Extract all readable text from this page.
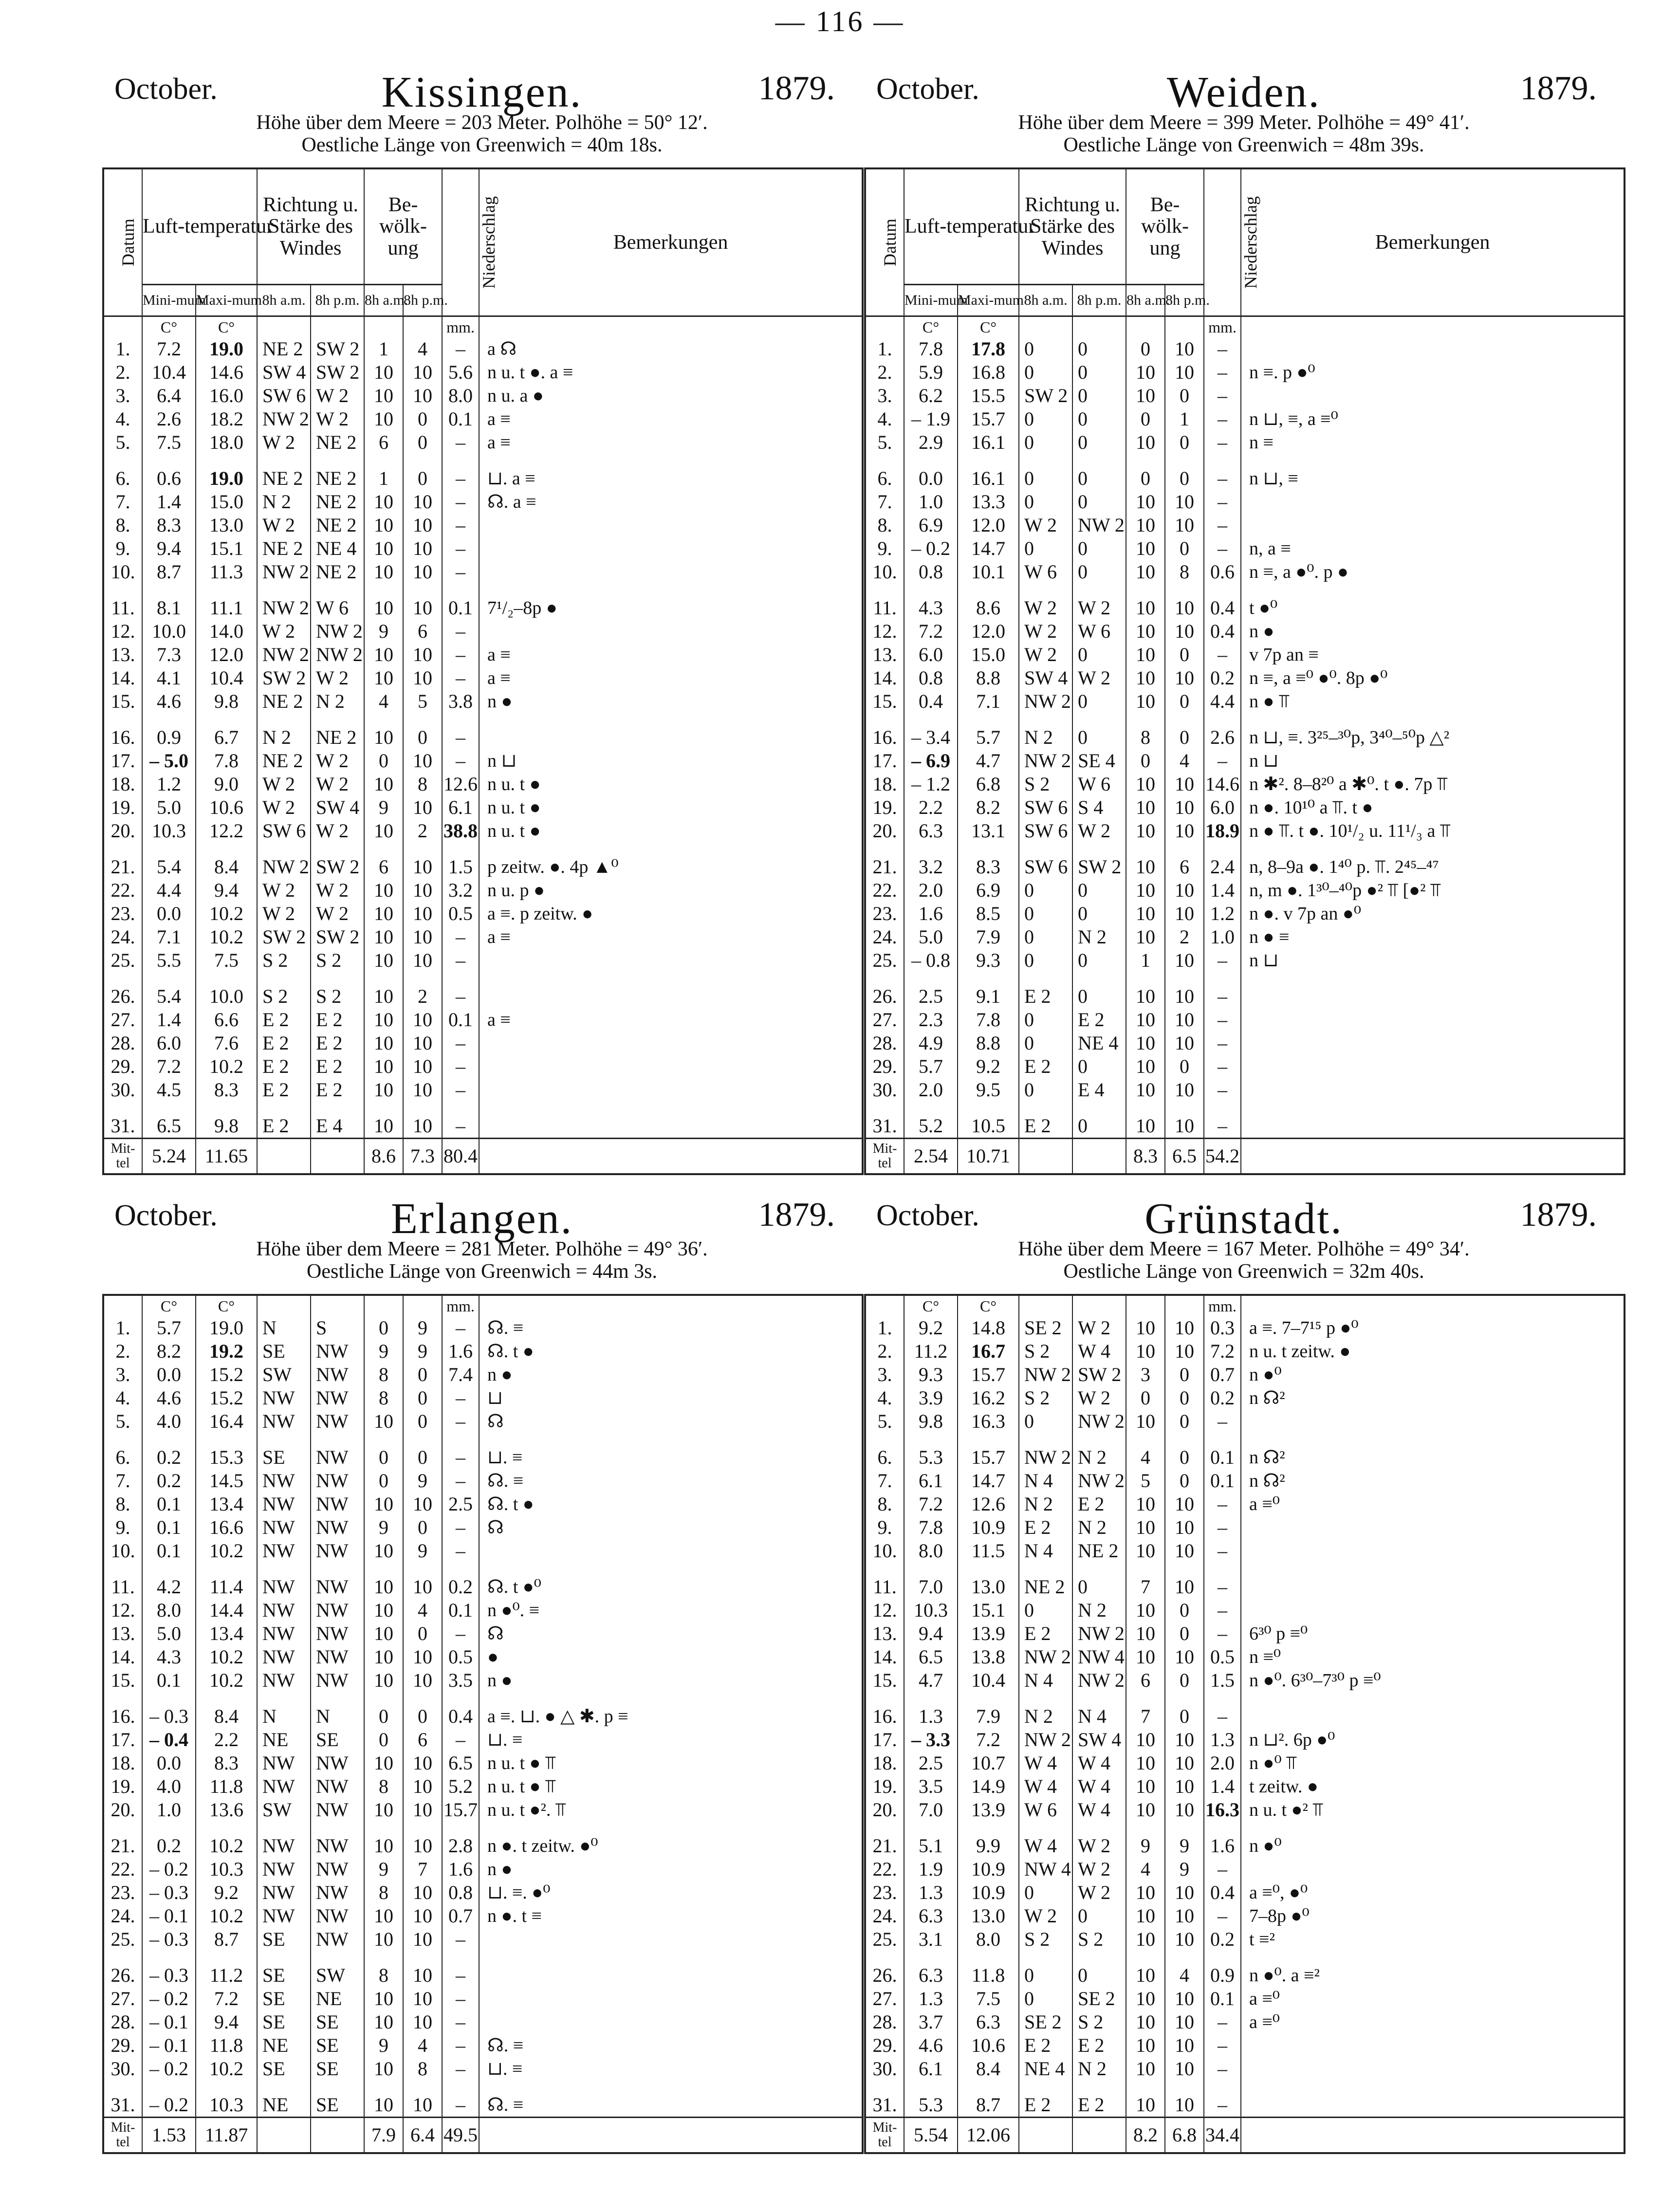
— 116 —
October.	Kissingen.	1879.
Höhe über dem Meere = 203 Meter. Polhöhe = 50° 12′.
Oestliche Länge von Greenwich = 40m 18s.
Datum	Luft-temperatur		Richtung u. Stärke des Windes		Be-wölk-ung		Niederschlag	Bemerkungen
	Mini-mum	Maxi-mum	8h a.m.	8h p.m.	8h a.m.	8h p.m.		
	C°	C°					mm.	
1.	7.2	19.0	NE 2	SW 2	1	4	–	a ☊
2.	10.4	14.6	SW 4	SW 2	10	10	5.6	n u. t ●. a ≡
3.	6.4	16.0	SW 6	W 2	10	10	8.0	n u. a ●
4.	2.6	18.2	NW 2	W 2	10	0	0.1	a ≡
5.	7.5	18.0	W 2	NE 2	6	0	–	a ≡
6.	0.6	19.0	NE 2	NE 2	1	0	–	⊔. a ≡
7.	1.4	15.0	N 2	NE 2	10	10	–	☊. a ≡
8.	8.3	13.0	W 2	NE 2	10	10	–	
9.	9.4	15.1	NE 2	NE 4	10	10	–	
10.	8.7	11.3	NW 2	NE 2	10	10	–	
11.	8.1	11.1	NW 2	W 6	10	10	0.1	7¹/₂–8p ●
12.	10.0	14.0	W 2	NW 2	9	6	–	
13.	7.3	12.0	NW 2	NW 2	10	10	–	a ≡
14.	4.1	10.4	SW 2	W 2	10	10	–	a ≡
15.	4.6	9.8	NE 2	N 2	4	5	3.8	n ●
16.	0.9	6.7	N 2	NE 2	10	0	–	
17.	– 5.0	7.8	NE 2	W 2	0	10	–	n ⊔
18.	1.2	9.0	W 2	W 2	10	8	12.6	n u. t ●
19.	5.0	10.6	W 2	SW 4	9	10	6.1	n u. t ●
20.	10.3	12.2	SW 6	W 2	10	2	38.8	n u. t ●
21.	5.4	8.4	NW 2	SW 2	6	10	1.5	p zeitw. ●. 4p ▲⁰
22.	4.4	9.4	W 2	W 2	10	10	3.2	n u. p ●
23.	0.0	10.2	W 2	W 2	10	10	0.5	a ≡. p zeitw. ●
24.	7.1	10.2	SW 2	SW 2	10	10	–	a ≡
25.	5.5	7.5	S 2	S 2	10	10	–	
26.	5.4	10.0	S 2	S 2	10	2	–	
27.	1.4	6.6	E 2	E 2	10	10	0.1	a ≡
28.	6.0	7.6	E 2	E 2	10	10	–	
29.	7.2	10.2	E 2	E 2	10	10	–	
30.	4.5	8.3	E 2	E 2	10	10	–	
31.	6.5	9.8	E 2	E 4	10	10	–	
Mit-tel	5.24	11.65			8.6	7.3	80.4	
October.	Weiden.	1879.
Höhe über dem Meere = 399 Meter. Polhöhe = 49° 41′.
Oestliche Länge von Greenwich = 48m 39s.
Datum	Luft-temperatur		Richtung u. Stärke des Windes		Be-wölk-ung		Niederschlag	Bemerkungen
	Mini-mum	Maxi-mum	8h a.m.	8h p.m.	8h a.m.	8h p.m.		
	C°	C°					mm.	
1.	7.8	17.8	0	0	0	10	–	
2.	5.9	16.8	0	0	10	10	–	n ≡. p ●⁰
3.	6.2	15.5	SW 2	0	10	0	–	
4.	– 1.9	15.7	0	0	0	1	–	n ⊔, ≡, a ≡⁰
5.	2.9	16.1	0	0	10	0	–	n ≡
6.	0.0	16.1	0	0	0	0	–	n ⊔, ≡
7.	1.0	13.3	0	0	10	10	–	
8.	6.9	12.0	W 2	NW 2	10	10	–	
9.	– 0.2	14.7	0	0	10	0	–	n, a ≡
10.	0.8	10.1	W 6	0	10	8	0.6	n ≡, a ●⁰. p ●
11.	4.3	8.6	W 2	W 2	10	10	0.4	t ●⁰
12.	7.2	12.0	W 2	W 6	10	10	0.4	n ●
13.	6.0	15.0	W 2	0	10	0	–	v 7p an ≡
14.	0.8	8.8	SW 4	W 2	10	10	0.2	n ≡, a ≡⁰ ●⁰. 8p ●⁰
15.	0.4	7.1	NW 2	0	10	0	4.4	n ● ⫪
16.	– 3.4	5.7	N 2	0	8	0	2.6	n ⊔, ≡. 3²⁵–³⁰p, 3⁴⁰–⁵⁰p △²
17.	– 6.9	4.7	NW 2	SE 4	0	4	–	n ⊔
18.	– 1.2	6.8	S 2	W 6	10	10	14.6	n ✱². 8–8²⁰ a ✱⁰. t ●. 7p ⫪
19.	2.2	8.2	SW 6	S 4	10	10	6.0	n ●. 10¹⁰ a ⫪. t ●
20.	6.3	13.1	SW 6	W 2	10	10	18.9	n ● ⫪. t ●. 10¹/₂ u. 11¹/₃ a ⫪
21.	3.2	8.3	SW 6	SW 2	10	6	2.4	n, 8–9a ●. 1⁴⁰ p. ⫪. 2⁴⁵–⁴⁷
22.	2.0	6.9	0	0	10	10	1.4	n, m ●. 1³⁰–⁴⁰p ●² ⫪ [●² ⫪
23.	1.6	8.5	0	0	10	10	1.2	n ●. v 7p an ●⁰
24.	5.0	7.9	0	N 2	10	2	1.0	n ● ≡
25.	– 0.8	9.3	0	0	1	10	–	n ⊔
26.	2.5	9.1	E 2	0	10	10	–	
27.	2.3	7.8	0	E 2	10	10	–	
28.	4.9	8.8	0	NE 4	10	10	–	
29.	5.7	9.2	E 2	0	10	0	–	
30.	2.0	9.5	0	E 4	10	10	–	
31.	5.2	10.5	E 2	0	10	10	–	
Mit-tel	2.54	10.71			8.3	6.5	54.2	
October.	Erlangen.	1879.
Höhe über dem Meere = 281 Meter. Polhöhe = 49° 36′.
Oestliche Länge von Greenwich = 44m 3s.
	C°	C°					mm.	
1.	5.7	19.0	N	S	0	9	–	☊. ≡
2.	8.2	19.2	SE	NW	9	9	1.6	☊. t ●
3.	0.0	15.2	SW	NW	8	0	7.4	n ●
4.	4.6	15.2	NW	NW	8	0	–	⊔
5.	4.0	16.4	NW	NW	10	0	–	☊
6.	0.2	15.3	SE	NW	0	0	–	⊔. ≡
7.	0.2	14.5	NW	NW	0	9	–	☊. ≡
8.	0.1	13.4	NW	NW	10	10	2.5	☊. t ●
9.	0.1	16.6	NW	NW	9	0	–	☊
10.	0.1	10.2	NW	NW	10	9	–	
11.	4.2	11.4	NW	NW	10	10	0.2	☊. t ●⁰
12.	8.0	14.4	NW	NW	10	4	0.1	n ●⁰. ≡
13.	5.0	13.4	NW	NW	10	0	–	☊
14.	4.3	10.2	NW	NW	10	10	0.5	●
15.	0.1	10.2	NW	NW	10	10	3.5	n ●
16.	– 0.3	8.4	N	N	0	0	0.4	a ≡. ⊔. ● △ ✱. p ≡
17.	– 0.4	2.2	NE	SE	0	6	–	⊔. ≡
18.	0.0	8.3	NW	NW	10	10	6.5	n u. t ● ⫪
19.	4.0	11.8	NW	NW	8	10	5.2	n u. t ● ⫪
20.	1.0	13.6	SW	NW	10	10	15.7	n u. t ●². ⫪
21.	0.2	10.2	NW	NW	10	10	2.8	n ●. t zeitw. ●⁰
22.	– 0.2	10.3	NW	NW	9	7	1.6	n ●
23.	– 0.3	9.2	NW	NW	8	10	0.8	⊔. ≡. ●⁰
24.	– 0.1	10.2	NW	NW	10	10	0.7	n ●. t ≡
25.	– 0.3	8.7	SE	NW	10	10	–	
26.	– 0.3	11.2	SE	SW	8	10	–	
27.	– 0.2	7.2	SE	NE	10	10	–	
28.	– 0.1	9.4	SE	SE	10	10	–	
29.	– 0.1	11.8	NE	SE	9	4	–	☊. ≡
30.	– 0.2	10.2	SE	SE	10	8	–	⊔. ≡
31.	– 0.2	10.3	NE	SE	10	10	–	☊. ≡
Mit-tel	1.53	11.87			7.9	6.4	49.5	
October.	Grünstadt.	1879.
Höhe über dem Meere = 167 Meter. Polhöhe = 49° 34′.
Oestliche Länge von Greenwich = 32m 40s.
	C°	C°					mm.	
1.	9.2	14.8	SE 2	W 2	10	10	0.3	a ≡. 7–7¹⁵ p ●⁰
2.	11.2	16.7	S 2	W 4	10	10	7.2	n u. t zeitw. ●
3.	9.3	15.7	NW 2	SW 2	3	0	0.7	n ●⁰
4.	3.9	16.2	S 2	W 2	0	0	0.2	n ☊²
5.	9.8	16.3	0	NW 2	10	0	–	
6.	5.3	15.7	NW 2	N 2	4	0	0.1	n ☊²
7.	6.1	14.7	N 4	NW 2	5	0	0.1	n ☊²
8.	7.2	12.6	N 2	E 2	10	10	–	a ≡⁰
9.	7.8	10.9	E 2	N 2	10	10	–	
10.	8.0	11.5	N 4	NE 2	10	10	–	
11.	7.0	13.0	NE 2	0	7	10	–	
12.	10.3	15.1	0	N 2	10	0	–	
13.	9.4	13.9	E 2	NW 2	10	0	–	6³⁰ p ≡⁰
14.	6.5	13.8	NW 2	NW 4	10	10	0.5	n ≡⁰
15.	4.7	10.4	N 4	NW 2	6	0	1.5	n ●⁰. 6³⁰–7³⁰ p ≡⁰
16.	1.3	7.9	N 2	N 4	7	0	–	
17.	– 3.3	7.2	NW 2	SW 4	10	10	1.3	n ⊔². 6p ●⁰
18.	2.5	10.7	W 4	W 4	10	10	2.0	n ●⁰ ⫪
19.	3.5	14.9	W 4	W 4	10	10	1.4	t zeitw. ●
20.	7.0	13.9	W 6	W 4	10	10	16.3	n u. t ●² ⫪
21.	5.1	9.9	W 4	W 2	9	9	1.6	n ●⁰
22.	1.9	10.9	NW 4	W 2	4	9	–	
23.	1.3	10.9	0	W 2	10	10	0.4	a ≡⁰, ●⁰
24.	6.3	13.0	W 2	0	10	10	–	7–8p ●⁰
25.	3.1	8.0	S 2	S 2	10	10	0.2	t ≡²
26.	6.3	11.8	0	0	10	4	0.9	n ●⁰. a ≡²
27.	1.3	7.5	0	SE 2	10	10	0.1	a ≡⁰
28.	3.7	6.3	SE 2	S 2	10	10	–	a ≡⁰
29.	4.6	10.6	E 2	E 2	10	10	–	
30.	6.1	8.4	NE 4	N 2	10	10	–	
31.	5.3	8.7	E 2	E 2	10	10	–	
Mit-tel	5.54	12.06			8.2	6.8	34.4	
